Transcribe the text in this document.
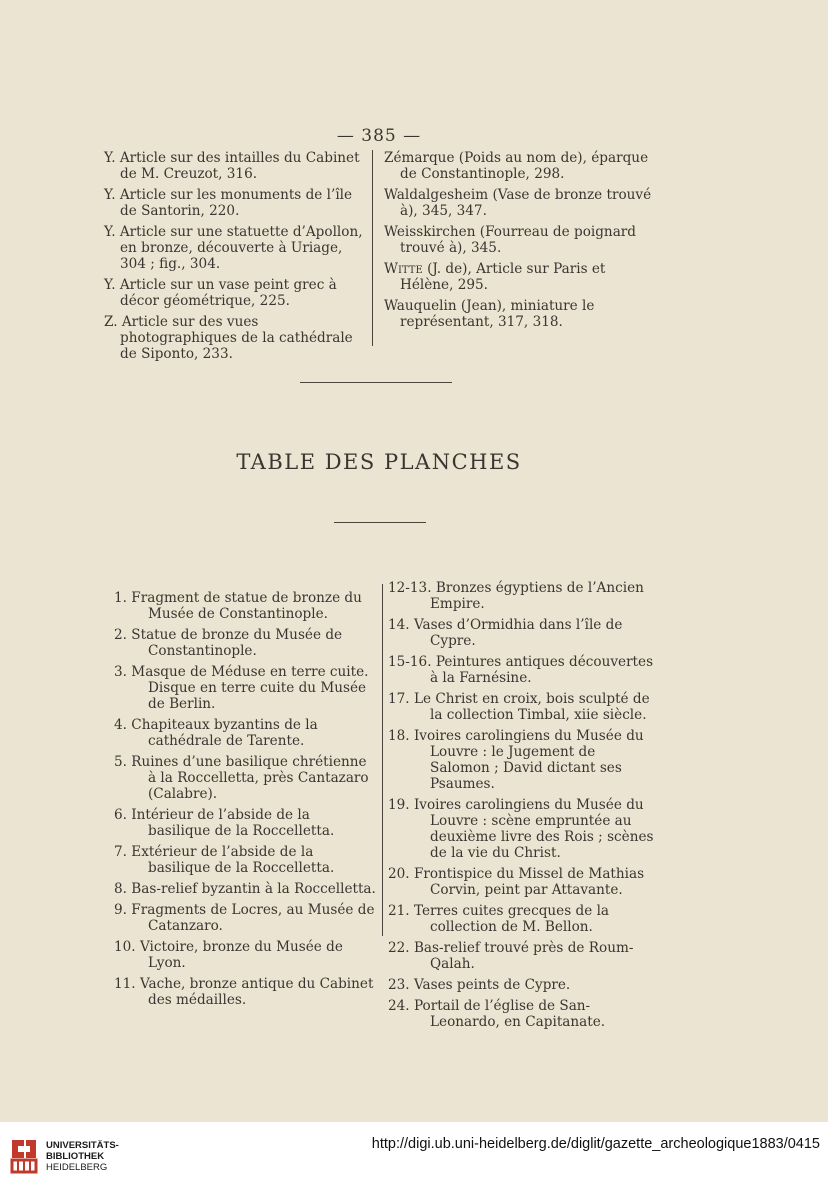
— 385 —

Y. Article sur des intailles du Cabinet de M. Creuzot, 316.

Y. Article sur les monuments de l’île de Santorin, 220.

Y. Article sur une statuette d’Apollon, en bronze, découverte à Uriage, 304 ; fig., 304.

Y. Article sur un vase peint grec à décor géométrique, 225.

Z. Article sur des vues photographiques de la cathédrale de Siponto, 233.

Zémarque (Poids au nom de), éparque de Constantinople, 298.

Waldalgesheim (Vase de bronze trouvé à), 345, 347.

Weisskirchen (Fourreau de poignard trouvé à), 345.

Witte (J. de), Article sur Paris et Hélène, 295.

Wauquelin (Jean), miniature le représentant, 317, 318.

TABLE DES PLANCHES

1. Fragment de statue de bronze du Musée de Constantinople.

2. Statue de bronze du Musée de Constantinople.

3. Masque de Méduse en terre cuite. Disque en terre cuite du Musée de Berlin.

4. Chapiteaux byzantins de la cathédrale de Tarente.

5. Ruines d’une basilique chrétienne à la Roccelletta, près Cantazaro (Calabre).

6. Intérieur de l’abside de la basilique de la Roccelletta.

7. Extérieur de l’abside de la basilique de la Roccelletta.

8. Bas-relief byzantin à la Roccelletta.

9. Fragments de Locres, au Musée de Catanzaro.

10. Victoire, bronze du Musée de Lyon.

11. Vache, bronze antique du Cabinet des médailles.

12-13. Bronzes égyptiens de l’Ancien Empire.

14. Vases d’Ormidhia dans l’île de Cypre.

15-16. Peintures antiques découvertes à la Farnésine.

17. Le Christ en croix, bois sculpté de la collection Timbal, xiie siècle.

18. Ivoires carolingiens du Musée du Louvre : le Jugement de Salomon ; David dictant ses Psaumes.

19. Ivoires carolingiens du Musée du Louvre : scène empruntée au deuxième livre des Rois ; scènes de la vie du Christ.

20. Frontispice du Missel de Mathias Corvin, peint par Attavante.

21. Terres cuites grecques de la collection de M. Bellon.

22. Bas-relief trouvé près de Roum-Qalah.

23. Vases peints de Cypre.

24. Portail de l’église de San-Leonardo, en Capitanate.

UNIVERSITÄTS-
BIBLIOTHEK
HEIDELBERG
http://digi.ub.uni-heidelberg.de/diglit/gazette_archeologique1883/0415
